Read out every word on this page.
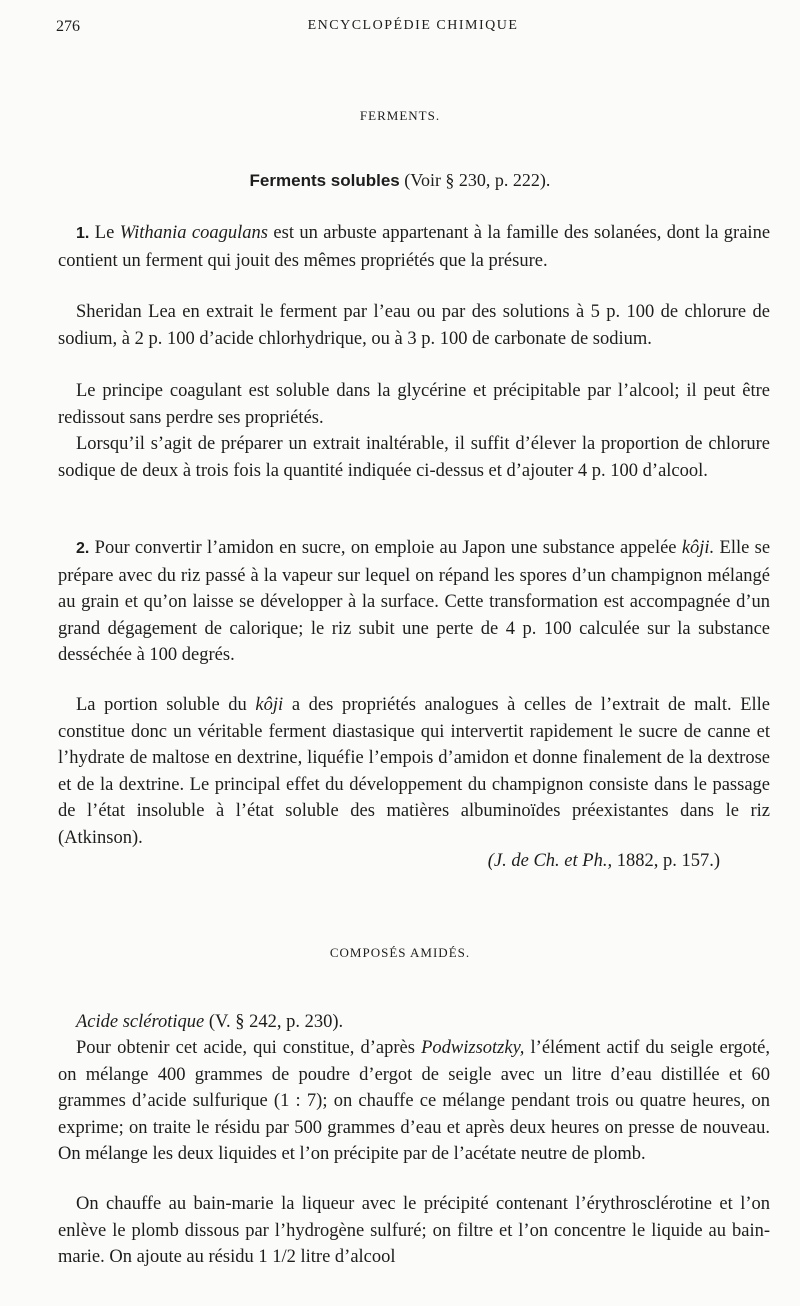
276	ENCYCLOPÉDIE CHIMIQUE
FERMENTS.
Ferments solubles (Voir § 230, p. 222).

1. Le Withania coagulans est un arbuste appartenant à la famille des solanées, dont la graine contient un ferment qui jouit des mêmes propriétés que la présure.

Sheridan Lea en extrait le ferment par l’eau ou par des solutions à 5 p. 100 de chlorure de sodium, à 2 p. 100 d’acide chlorhydrique, ou à 3 p. 100 de carbonate de sodium.

Le principe coagulant est soluble dans la glycérine et précipitable par l’alcool; il peut être redissout sans perdre ses propriétés.

Lorsqu’il s’agit de préparer un extrait inaltérable, il suffit d’élever la proportion de chlorure sodique de deux à trois fois la quantité indiquée ci-dessus et d’ajouter 4 p. 100 d’alcool.

2. Pour convertir l’amidon en sucre, on emploie au Japon une substance appelée kôji. Elle se prépare avec du riz passé à la vapeur sur lequel on répand les spores d’un champignon mélangé au grain et qu’on laisse se développer à la surface. Cette transformation est accompagnée d’un grand dégagement de calorique; le riz subit une perte de 4 p. 100 calculée sur la substance desséchée à 100 degrés.

La portion soluble du kôji a des propriétés analogues à celles de l’extrait de malt. Elle constitue donc un véritable ferment diastasique qui intervertit rapidement le sucre de canne et l’hydrate de maltose en dextrine, liquéfie l’empois d’amidon et donne finalement de la dextrose et de la dextrine. Le principal effet du développement du champignon consiste dans le passage de l’état insoluble à l’état soluble des matières albuminoïdes préexistantes dans le riz (Atkinson).

(J. de Ch. et Ph., 1882, p. 157.)
COMPOSÉS AMIDÉS.

Acide sclérotique (V. § 242, p. 230).

Pour obtenir cet acide, qui constitue, d’après Podwizsotzky, l’élément actif du seigle ergoté, on mélange 400 grammes de poudre d’ergot de seigle avec un litre d’eau distillée et 60 grammes d’acide sulfurique (1 : 7); on chauffe ce mélange pendant trois ou quatre heures, on exprime; on traite le résidu par 500 grammes d’eau et après deux heures on presse de nouveau. On mélange les deux liquides et l’on précipite par de l’acétate neutre de plomb.

On chauffe au bain-marie la liqueur avec le précipité contenant l’érythrosclérotine et l’on enlève le plomb dissous par l’hydrogène sulfuré; on filtre et l’on concentre le liquide au bain-marie. On ajoute au résidu 1 1/2 litre d’alcool
